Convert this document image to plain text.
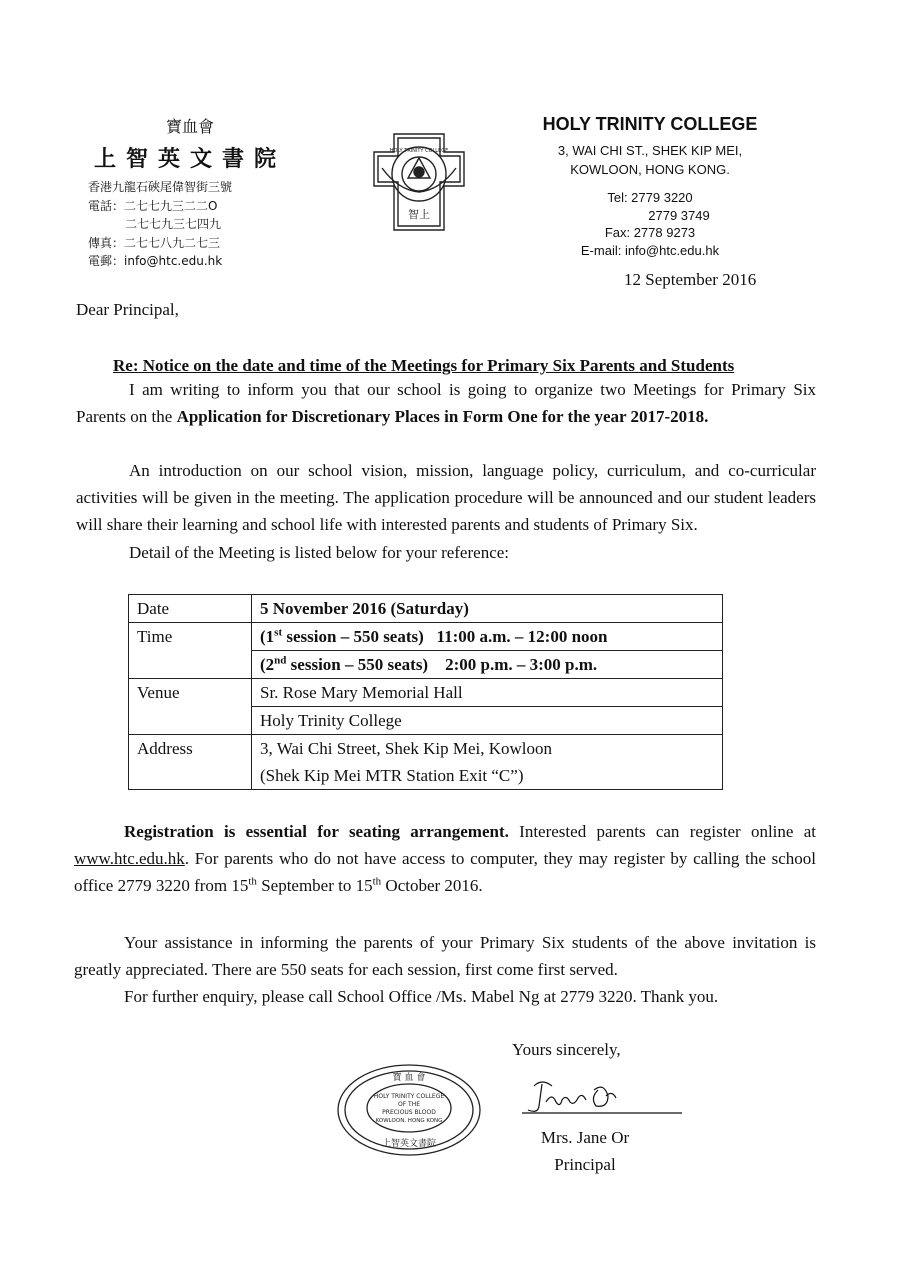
寶血會
上智英文書院
香港九龍石硤尾偉智街三號
電話：二七七九三二二O
二七七九三七四九
傳真：二七七八九二七三
電郵：info@htc.edu.hk
智上
HOLY TRINITY COLLEGE
HOLY TRINITY COLLEGE
3, WAI CHI ST., SHEK KIP MEI,
KOWLOON, HONG KONG.
Tel: 2779 3220
2779 3749
Fax: 2778 9273
E-mail: info@htc.edu.hk
12 September 2016
Dear Principal,
Re: Notice on the date and time of the Meetings for Primary Six Parents and Students
I am writing to inform you that our school is going to organize two Meetings for Primary Six Parents on the Application for Discretionary Places in Form One for the year 2017-2018.
An introduction on our school vision, mission, language policy, curriculum, and co-curricular activities will be given in the meeting. The application procedure will be announced and our student leaders will share their learning and school life with interested parents and students of Primary Six.
Detail of the Meeting is listed below for your reference:
Date	5 November 2016 (Saturday)
Time	(1st session – 550 seats) 11:00 a.m. – 12:00 noon
	(2nd session – 550 seats) 2:00 p.m. – 3:00 p.m.
Venue	Sr. Rose Mary Memorial Hall
	Holy Trinity College
Address	3, Wai Chi Street, Shek Kip Mei, Kowloon
	(Shek Kip Mei MTR Station Exit “C”)
Registration is essential for seating arrangement. Interested parents can register online at www.htc.edu.hk. For parents who do not have access to computer, they may register by calling the school office 2779 3220 from 15th September to 15th October 2016.
Your assistance in informing the parents of your Primary Six students of the above invitation is greatly appreciated. There are 550 seats for each session, first come first served.
For further enquiry, please call School Office /Ms. Mabel Ng at 2779 3220. Thank you.
Yours sincerely,
寶 血 會
HOLY TRINITY COLLEGE
OF THE
PRECIOUS BLOOD
KOWLOON, HONG KONG
上智英文書院	Mrs. Jane Or
Principal
